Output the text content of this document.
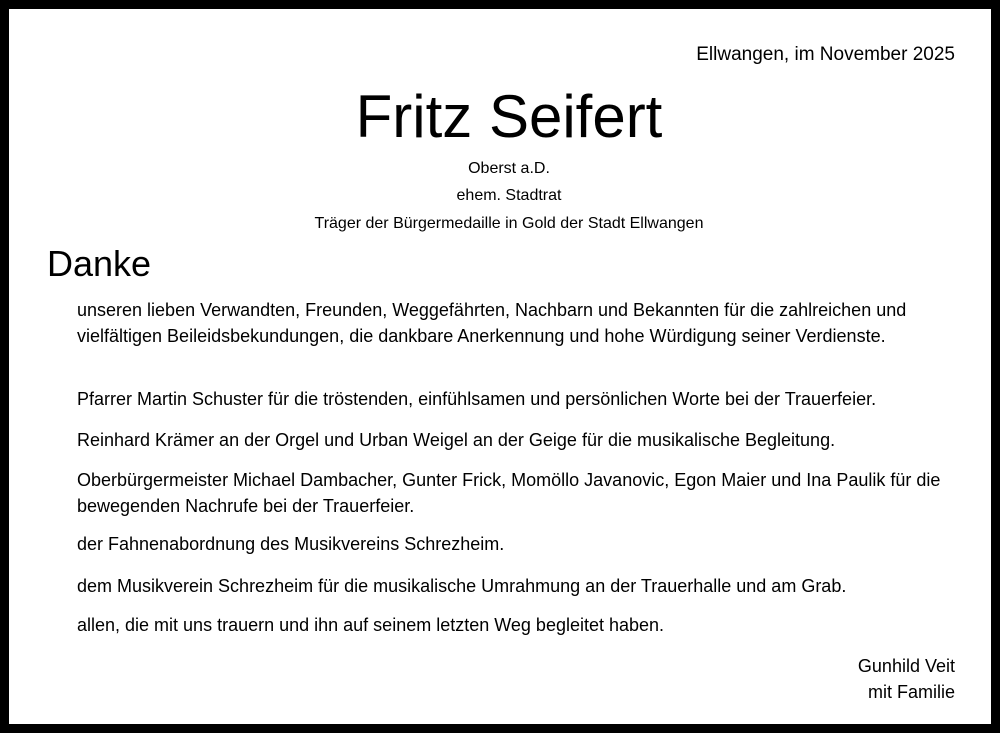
Ellwangen, im November 2025
Fritz Seifert
Oberst a.D.
ehem. Stadtrat
Träger der Bürgermedaille in Gold der Stadt Ellwangen
Danke
unseren lieben Verwandten, Freunden, Weggefährten, Nachbarn und Bekannten für die zahlreichen und vielfältigen Beileidsbekundungen, die dankbare Anerkennung und hohe Würdigung seiner Verdienste.
Pfarrer Martin Schuster für die tröstenden, einfühlsamen und persönlichen Worte bei der Trauerfeier.
Reinhard Krämer an der Orgel und Urban Weigel an der Geige für die musikalische Begleitung.
Oberbürgermeister Michael Dambacher, Gunter Frick, Momöllo Javanovic, Egon Maier und Ina Paulik für die bewegenden Nachrufe bei der Trauerfeier.
der Fahnenabordnung des Musikvereins Schrezheim.
dem Musikverein Schrezheim für die musikalische Umrahmung an der Trauerhalle und am Grab.
allen, die mit uns trauern und ihn auf seinem letzten Weg begleitet haben.
Gunhild Veit
mit Familie
